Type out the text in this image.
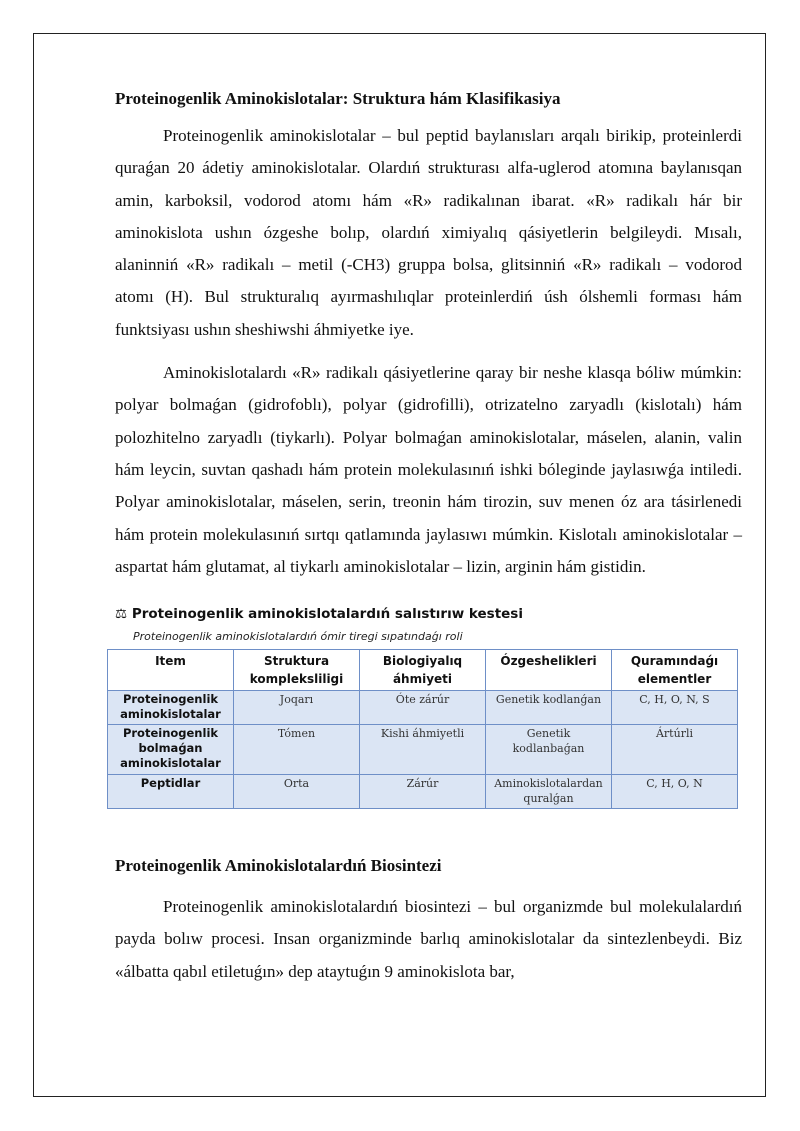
Proteinogenlik Aminokislotalar: Struktura hám Klasifikasiya

Proteinogenlik aminokislotalar – bul peptid baylanısları arqalı birikip, proteinlerdi quraǵan 20 ádetiy aminokislotalar. Olardıń strukturası alfa-uglerod atomına baylanısqan amin, karboksil, vodorod atomı hám «R» radikalınan ibarat. «R» radikalı hár bir aminokislota ushın ózgeshe bolıp, olardıń ximiyalıq qásiyetlerin belgileydi. Mısalı, alaninniń «R» radikalı – metil (-CH3) gruppa bolsa, glitsinniń «R» radikalı – vodorod atomı (H). Bul strukturalıq ayırmashılıqlar proteinlerdiń úsh ólshemli forması hám funktsiyası ushın sheshiwshi áhmiyetke iye.

Aminokislotalardı «R» radikalı qásiyetlerine qaray bir neshe klasqa bóliw múmkin: polyar bolmaǵan (gidrofoblı), polyar (gidrofilli), otrizatelno zaryadlı (kislotalı) hám polozhitelno zaryadlı (tiykarlı). Polyar bolmaǵan aminokislotalar, máselen, alanin, valin hám leycin, suvtan qashadı hám protein molekulasınıń ishki bóleginde jaylasıwǵa intiledi. Polyar aminokislotalar, máselen, serin, treonin hám tirozin, suv menen óz ara tásirlenedi hám protein molekulasınıń sırtqı qatlamında jaylasıwı múmkin. Kislotalı aminokislotalar – aspartat hám glutamat, al tiykarlı aminokislotalar – lizin, arginin hám gistidin.

⚖ Proteinogenlik aminokislotalardıń salıstırıw kestesi
Proteinogenlik aminokislotalardıń ómir tiregi sıpatındaǵı roli
Item	Struktura kompleksliligi	Biologiyalıq áhmiyeti	Ózgeshelikleri	Quramındaǵı elementler
Proteinogenlik aminokislotalar	Joqarı	Óte zárúr	Genetik kodlanǵan	C, H, O, N, S
Proteinogenlik bolmaǵan aminokislotalar	Tómen	Kishi áhmiyetli	Genetik kodlanbaǵan	Ártúrli
Peptidlar	Orta	Zárúr	Aminokislotalardan quralǵan	C, H, O, N
Proteinogenlik Aminokislotalardıń Biosintezi

Proteinogenlik aminokislotalardıń biosintezi – bul organizmde bul molekulalardıń payda bolıw procesi. Insan organizminde barlıq aminokislotalar da sintezlenbeydi. Biz «álbatta qabıl etiletuǵın» dep ataytuǵın 9 aminokislota bar,
